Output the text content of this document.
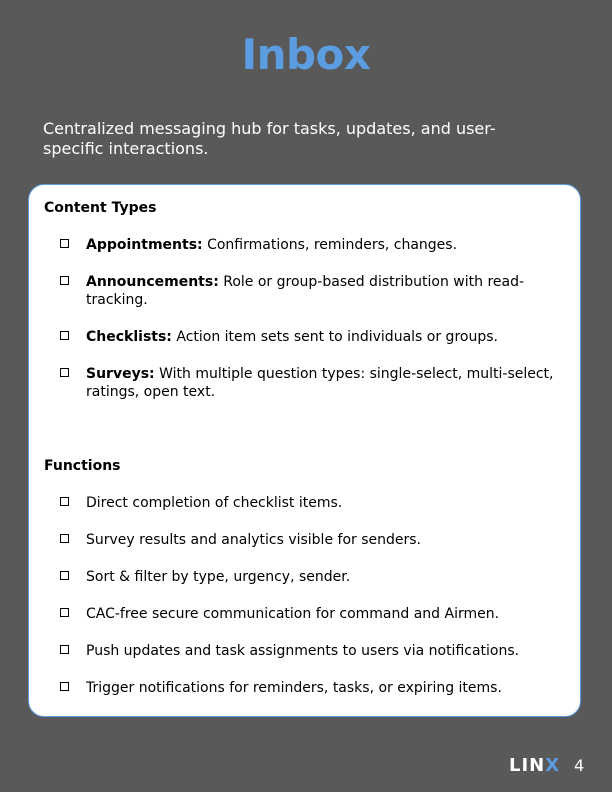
Inbox

Centralized messaging hub for tasks, updates, and user-specific interactions.

Content Types

Appointments: Confirmations, reminders, changes.
Announcements: Role or group-based distribution with read-tracking.
Checklists: Action item sets sent to individuals or groups.
Surveys: With multiple question types: single-select, multi-select, ratings, open text.

Functions

Direct completion of checklist items.
Survey results and analytics visible for senders.
Sort & filter by type, urgency, sender.
CAC-free secure communication for command and Airmen.
Push updates and task assignments to users via notifications.
Trigger notifications for reminders, tasks, or expiring items.
LINX 4
